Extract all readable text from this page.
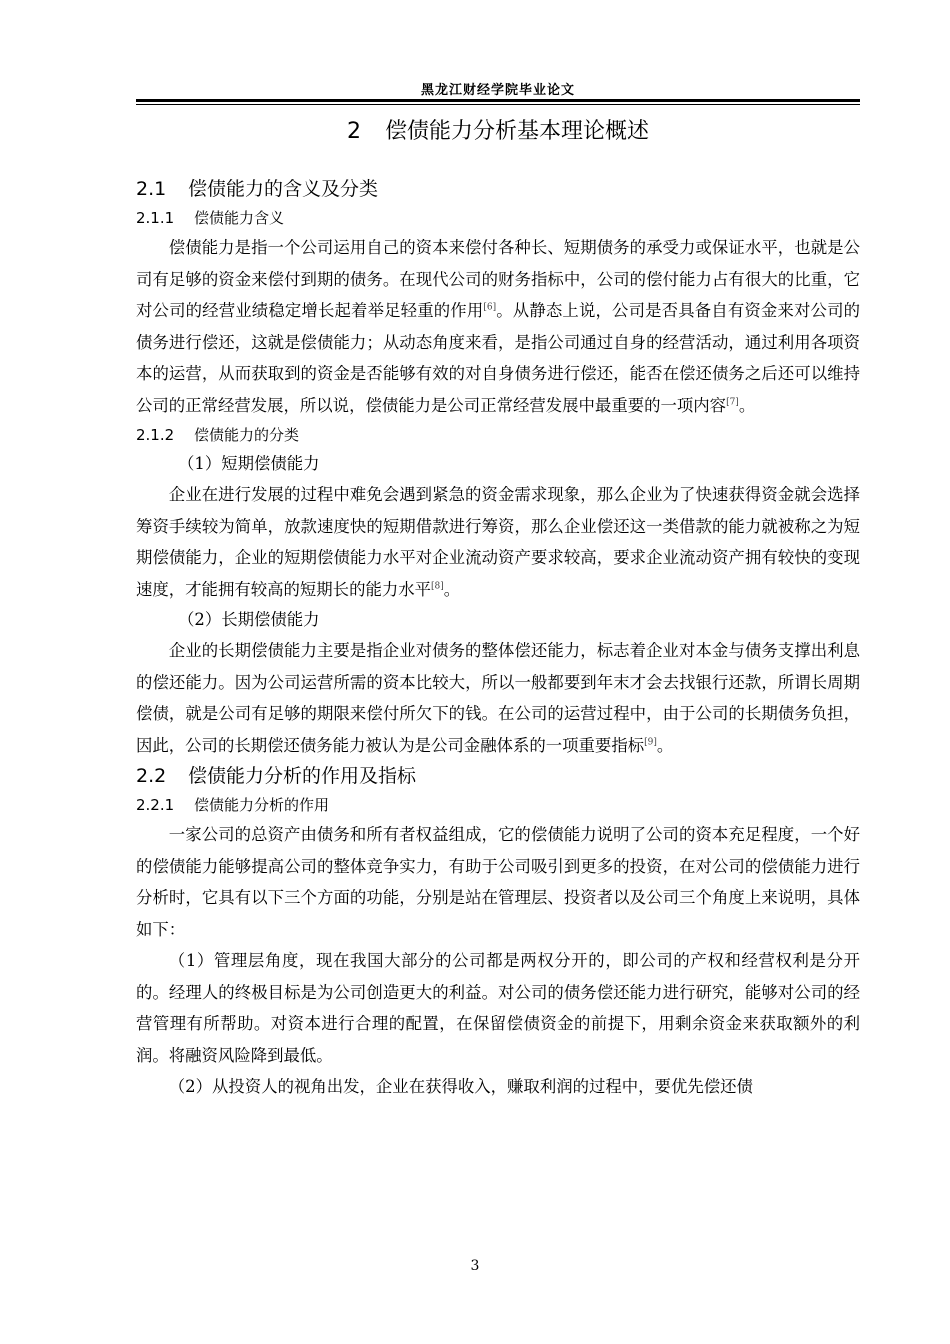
黑龙江财经学院毕业论文
2 偿债能力分析基本理论概述
2.1 偿债能力的含义及分类
2.1.1 偿债能力含义

偿债能力是指一个公司运用自己的资本来偿付各种长、短期债务的承受力或保证水平，也就是公司有足够的资金来偿付到期的债务。在现代公司的财务指标中，公司的偿付能力占有很大的比重，它对公司的经营业绩稳定增长起着举足轻重的作用[6]。从静态上说，公司是否具备自有资金来对公司的债务进行偿还，这就是偿债能力；从动态角度来看，是指公司通过自身的经营活动，通过利用各项资本的运营，从而获取到的资金是否能够有效的对自身债务进行偿还，能否在偿还债务之后还可以维持公司的正常经营发展，所以说，偿债能力是公司正常经营发展中最重要的一项内容[7]。

2.1.2 偿债能力的分类
（1）短期偿债能力

企业在进行发展的过程中难免会遇到紧急的资金需求现象，那么企业为了快速获得资金就会选择筹资手续较为简单，放款速度快的短期借款进行筹资，那么企业偿还这一类借款的能力就被称之为短期偿债能力，企业的短期偿债能力水平对企业流动资产要求较高，要求企业流动资产拥有较快的变现速度，才能拥有较高的短期长的能力水平[8]。

（2）长期偿债能力

企业的长期偿债能力主要是指企业对债务的整体偿还能力，标志着企业对本金与债务支撑出利息的偿还能力。因为公司运营所需的资本比较大，所以一般都要到年末才会去找银行还款，所谓长周期偿债，就是公司有足够的期限来偿付所欠下的钱。在公司的运营过程中，由于公司的长期债务负担，因此，公司的长期偿还债务能力被认为是公司金融体系的一项重要指标[9]。

2.2 偿债能力分析的作用及指标
2.2.1 偿债能力分析的作用

一家公司的总资产由债务和所有者权益组成，它的偿债能力说明了公司的资本充足程度，一个好的偿债能力能够提高公司的整体竞争实力，有助于公司吸引到更多的投资，在对公司的偿债能力进行分析时，它具有以下三个方面的功能，分别是站在管理层、投资者以及公司三个角度上来说明，具体如下：

（1）管理层角度，现在我国大部分的公司都是两权分开的，即公司的产权和经营权利是分开的。经理人的终极目标是为公司创造更大的利益。对公司的债务偿还能力进行研究，能够对公司的经营管理有所帮助。对资本进行合理的配置，在保留偿债资金的前提下，用剩余资金来获取额外的利润。将融资风险降到最低。

（2）从投资人的视角出发，企业在获得收入，赚取利润的过程中，要优先偿还债

3
